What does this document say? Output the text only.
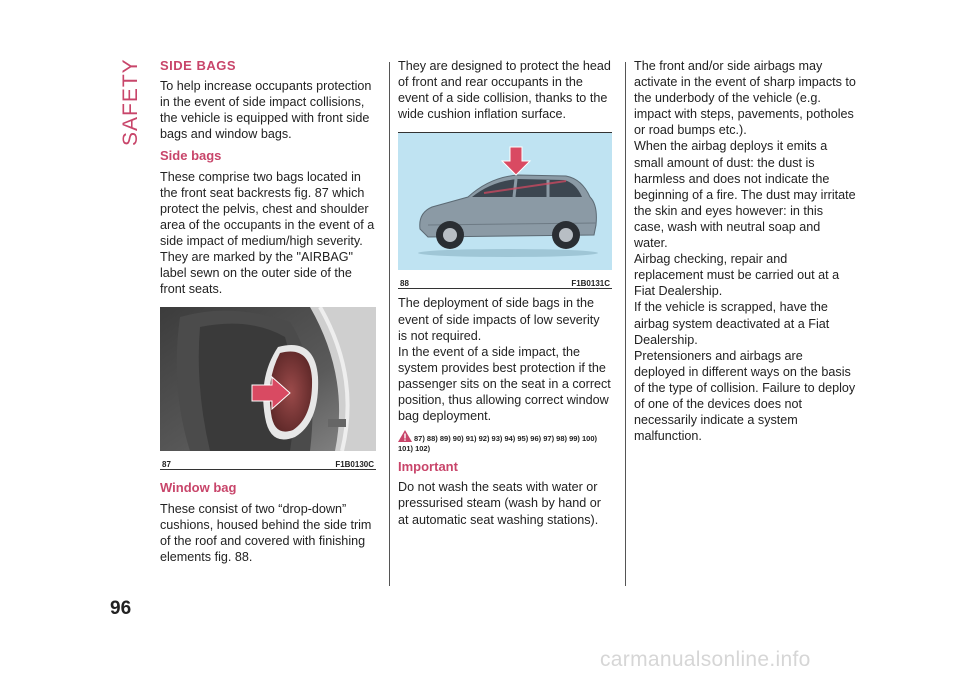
SAFETY SIDE BAGS

To help increase occupants protection in the event of side impact collisions, the vehicle is equipped with front side bags and window bags.

Side bags

These comprise two bags located in the front seat backrests fig. 87 which protect the pelvis, chest and shoulder area of the occupants in the event of a side impact of medium/high severity.

They are marked by the "AIRBAG" label sewn on the outer side of the front seats.

87	F1B0130C
Window bag

These consist of two “drop-down” cushions, housed behind the side trim of the roof and covered with finishing elements fig. 88.

They are designed to protect the head of front and rear occupants in the event of a side collision, thanks to the wide cushion inflation surface.

88	F1B0131C

The deployment of side bags in the event of side impacts of low severity is not required.

In the event of a side impact, the system provides best protection if the passenger sits on the seat in a correct position, thus allowing correct window bag deployment.

87) 88) 89) 90) 91) 92) 93) 94) 95) 96) 97) 98) 99) 100) 101) 102)
Important

Do not wash the seats with water or pressurised steam (wash by hand or at automatic seat washing stations).

The front and/or side airbags may activate in the event of sharp impacts to the underbody of the vehicle (e.g. impact with steps, pavements, potholes or road bumps etc.).

When the airbag deploys it emits a small amount of dust: the dust is harmless and does not indicate the beginning of a fire. The dust may irritate the skin and eyes however: in this case, wash with neutral soap and water.

Airbag checking, repair and replacement must be carried out at a Fiat Dealership.

If the vehicle is scrapped, have the airbag system deactivated at a Fiat Dealership.

Pretensioners and airbags are deployed in different ways on the basis of the type of collision. Failure to deploy of one of the devices does not necessarily indicate a system malfunction.

96
carmanualsonline.info
